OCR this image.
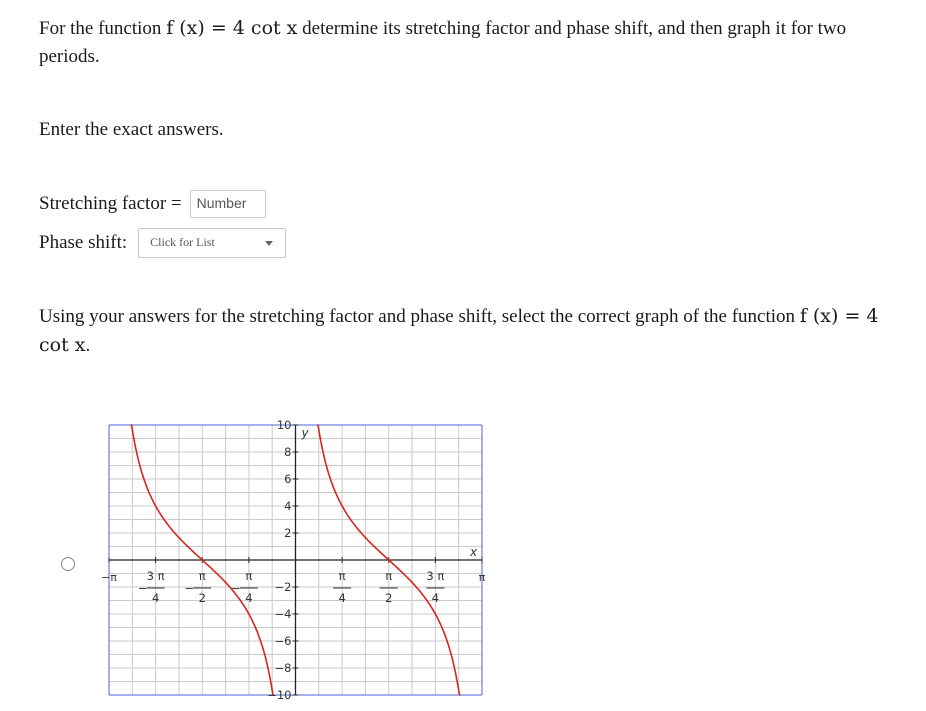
For the function f (x) = 4 cot x determine its stretching factor and phase shift, and then graph it for two periods.

Enter the exact answers.

Stretching factor =	Number
Phase shift:	Click for List

Using your answers for the stretching factor and phase shift, select the correct graph of the function f (x) = 4 cot x.

10
8
6
4
2
−2
−4
−6
−8
−10
−π	3 π
4
−
π
2
−
π
4
−
π
4
π
2
3 π
4
π
x
y
